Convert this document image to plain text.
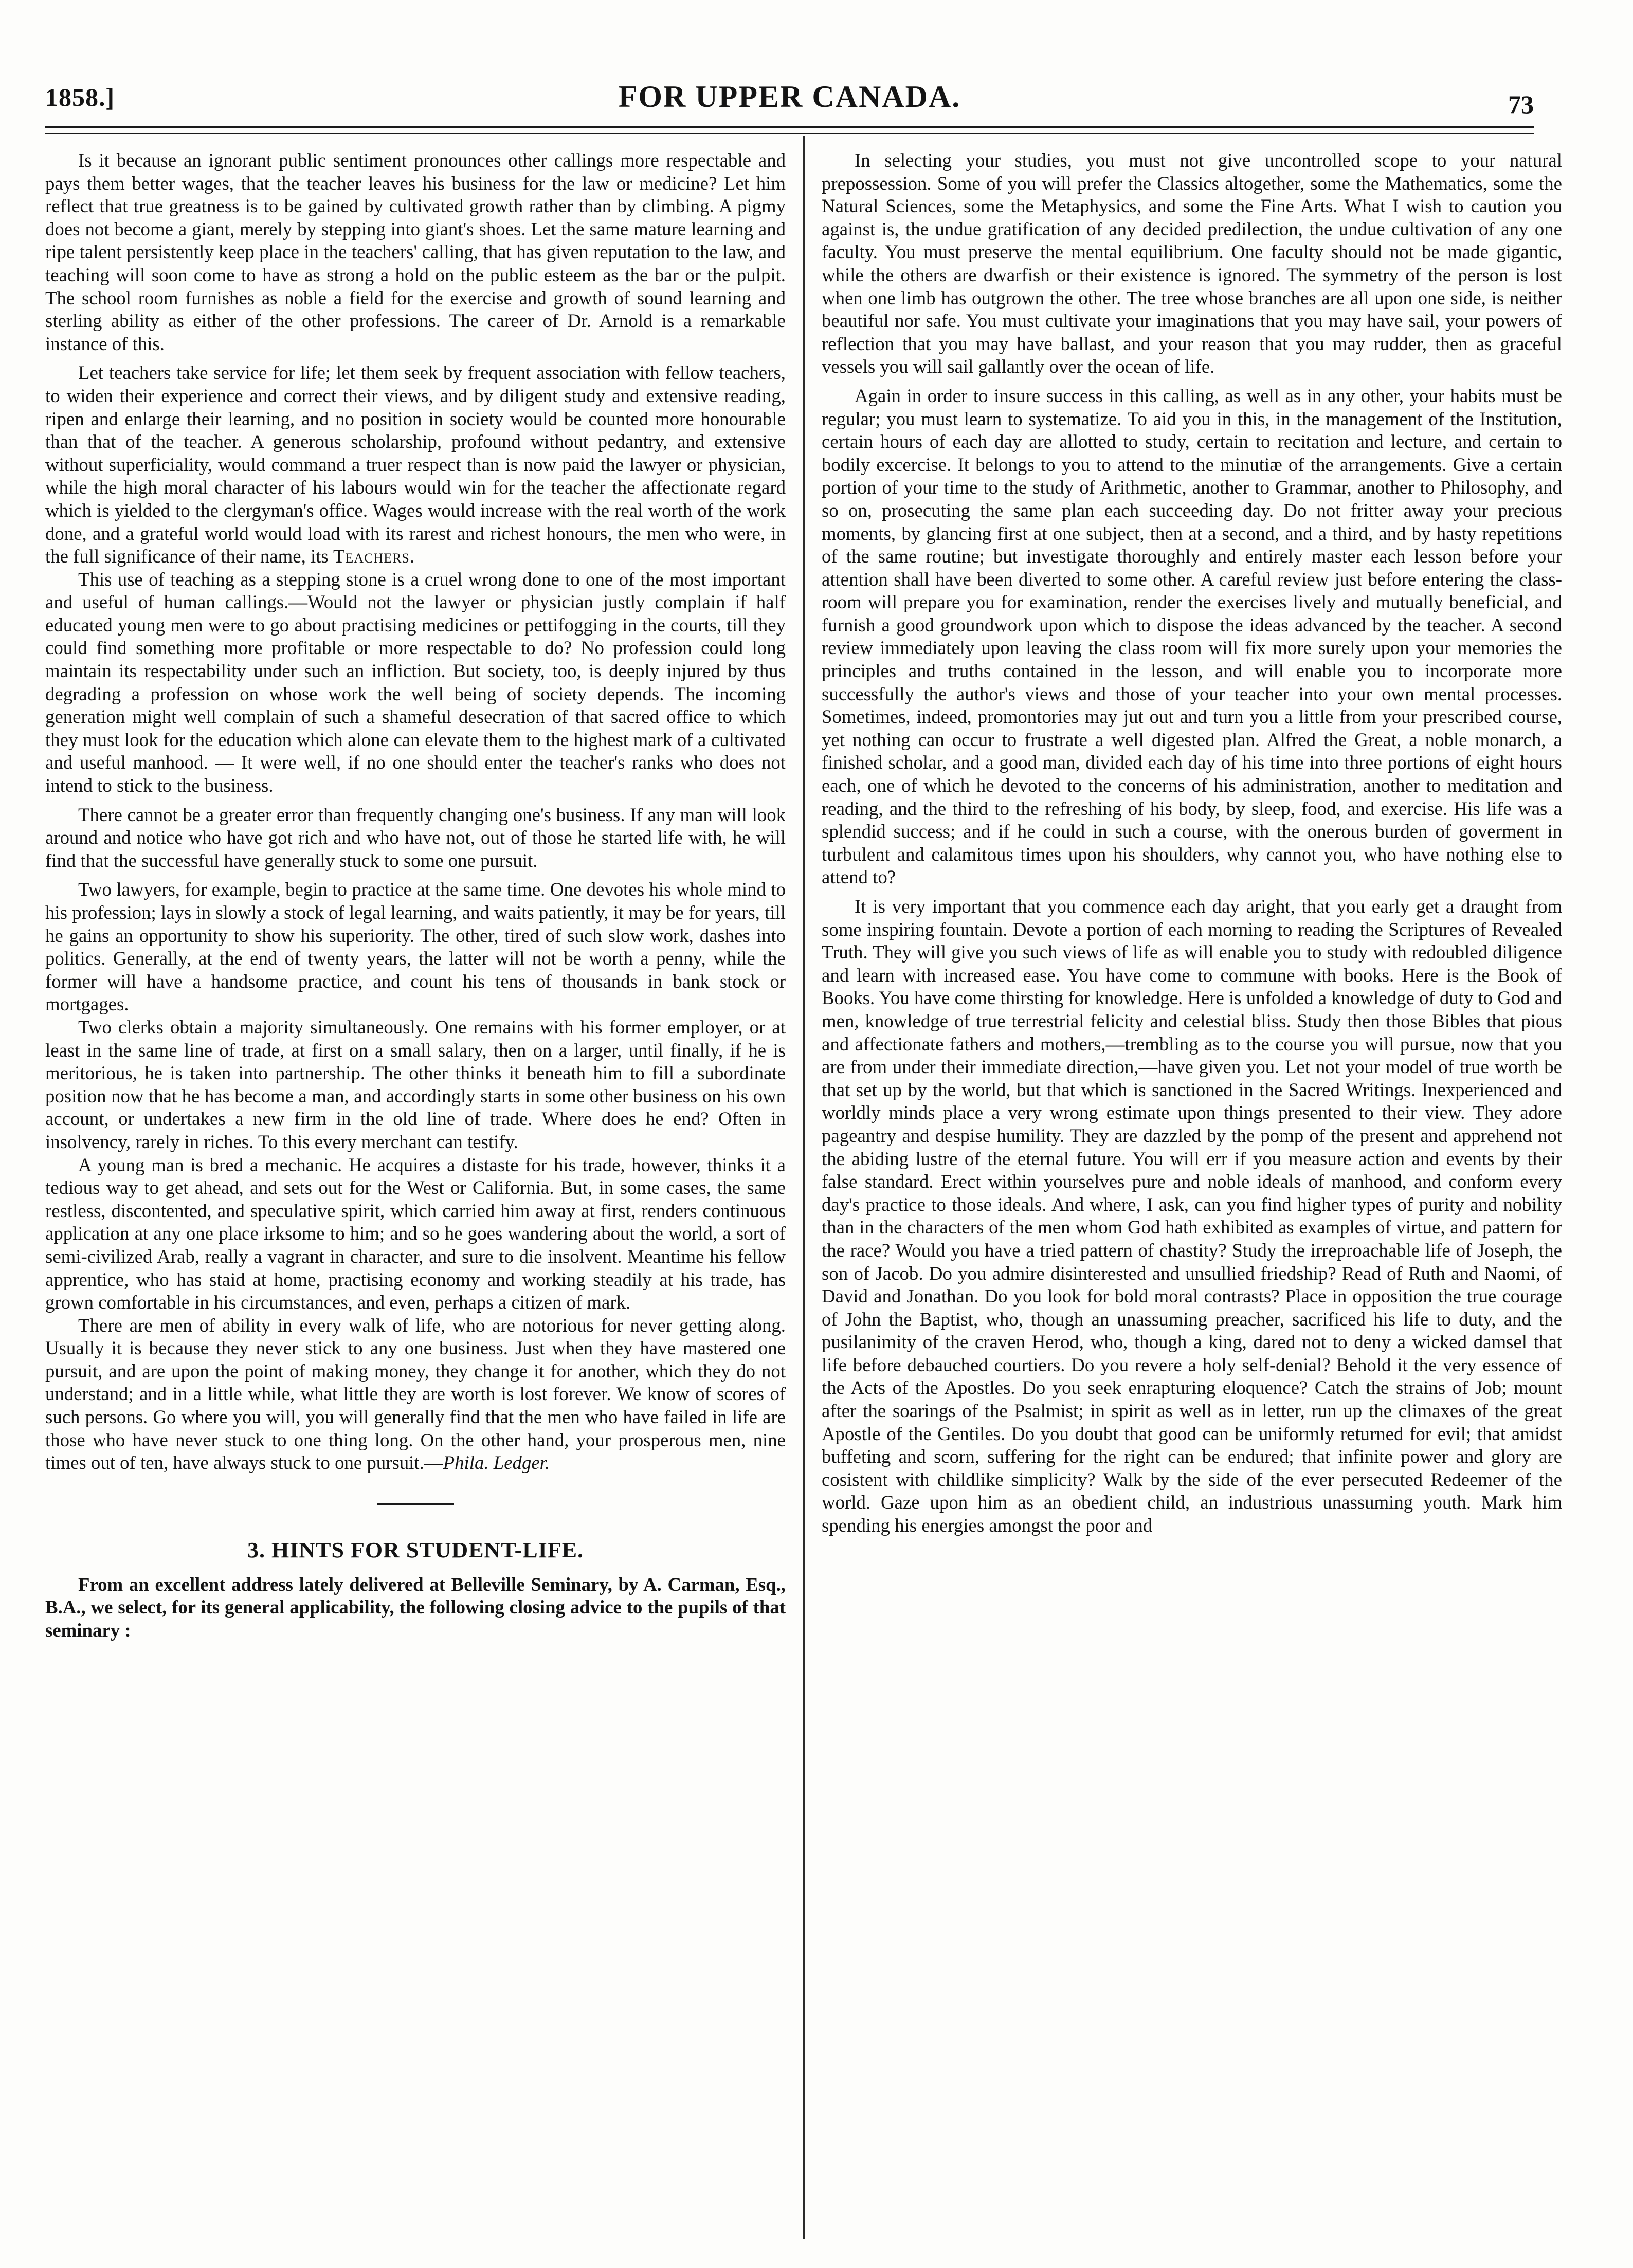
1858.]	FOR UPPER CANADA.	73

Is it because an ignorant public sentiment pronounces other callings more respectable and pays them better wages, that the teacher leaves his business for the law or medicine? Let him reflect that true greatness is to be gained by cultivated growth rather than by climbing. A pigmy does not become a giant, merely by stepping into giant's shoes. Let the same mature learning and ripe talent persistently keep place in the teachers' calling, that has given reputation to the law, and teaching will soon come to have as strong a hold on the public esteem as the bar or the pulpit. The school room furnishes as noble a field for the exercise and growth of sound learning and sterling ability as either of the other professions. The career of Dr. Arnold is a remarkable instance of this.

Let teachers take service for life; let them seek by frequent association with fellow teachers, to widen their experience and correct their views, and by diligent study and extensive reading, ripen and enlarge their learning, and no position in society would be counted more honourable than that of the teacher. A generous scholarship, profound without pedantry, and extensive without superficiality, would command a truer respect than is now paid the lawyer or physician, while the high moral character of his labours would win for the teacher the affectionate regard which is yielded to the clergyman's office. Wages would increase with the real worth of the work done, and a grateful world would load with its rarest and richest honours, the men who were, in the full significance of their name, its Teachers.

This use of teaching as a stepping stone is a cruel wrong done to one of the most important and useful of human callings.—Would not the lawyer or physician justly complain if half educated young men were to go about practising medicines or pettifogging in the courts, till they could find something more profitable or more respectable to do? No profession could long maintain its respectability under such an infliction. But society, too, is deeply injured by thus degrading a profession on whose work the well being of society depends. The incoming generation might well complain of such a shameful desecration of that sacred office to which they must look for the education which alone can elevate them to the highest mark of a cultivated and useful manhood. — It were well, if no one should enter the teacher's ranks who does not intend to stick to the business.

There cannot be a greater error than frequently changing one's business. If any man will look around and notice who have got rich and who have not, out of those he started life with, he will find that the successful have generally stuck to some one pursuit.

Two lawyers, for example, begin to practice at the same time. One devotes his whole mind to his profession; lays in slowly a stock of legal learning, and waits patiently, it may be for years, till he gains an opportunity to show his superiority. The other, tired of such slow work, dashes into politics. Generally, at the end of twenty years, the latter will not be worth a penny, while the former will have a handsome practice, and count his tens of thousands in bank stock or mortgages.

Two clerks obtain a majority simultaneously. One remains with his former employer, or at least in the same line of trade, at first on a small salary, then on a larger, until finally, if he is meritorious, he is taken into partnership. The other thinks it beneath him to fill a subordinate position now that he has become a man, and accordingly starts in some other business on his own account, or undertakes a new firm in the old line of trade. Where does he end? Often in insolvency, rarely in riches. To this every merchant can testify.

A young man is bred a mechanic. He acquires a distaste for his trade, however, thinks it a tedious way to get ahead, and sets out for the West or California. But, in some cases, the same restless, discontented, and speculative spirit, which carried him away at first, renders continuous application at any one place irksome to him; and so he goes wandering about the world, a sort of semi-civilized Arab, really a vagrant in character, and sure to die insolvent. Meantime his fellow apprentice, who has staid at home, practising economy and working steadily at his trade, has grown comfortable in his circumstances, and even, perhaps a citizen of mark.

There are men of ability in every walk of life, who are notorious for never getting along. Usually it is because they never stick to any one business. Just when they have mastered one pursuit, and are upon the point of making money, they change it for another, which they do not understand; and in a little while, what little they are worth is lost forever. We know of scores of such persons. Go where you will, you will generally find that the men who have failed in life are those who have never stuck to one thing long. On the other hand, your prosperous men, nine times out of ten, have always stuck to one pursuit.—Phila. Ledger.

3. HINTS FOR STUDENT-LIFE.

From an excellent address lately delivered at Belleville Seminary, by A. Carman, Esq., B.A., we select, for its general applicability, the following closing advice to the pupils of that seminary :

In selecting your studies, you must not give uncontrolled scope to your natural prepossession. Some of you will prefer the Classics altogether, some the Mathematics, some the Natural Sciences, some the Metaphysics, and some the Fine Arts. What I wish to caution you against is, the undue gratification of any decided predilection, the undue cultivation of any one faculty. You must preserve the mental equilibrium. One faculty should not be made gigantic, while the others are dwarfish or their existence is ignored. The symmetry of the person is lost when one limb has outgrown the other. The tree whose branches are all upon one side, is neither beautiful nor safe. You must cultivate your imaginations that you may have sail, your powers of reflection that you may have ballast, and your reason that you may rudder, then as graceful vessels you will sail gallantly over the ocean of life.

Again in order to insure success in this calling, as well as in any other, your habits must be regular; you must learn to systematize. To aid you in this, in the management of the Institution, certain hours of each day are allotted to study, certain to recitation and lecture, and certain to bodily excercise. It belongs to you to attend to the minutiæ of the arrangements. Give a certain portion of your time to the study of Arithmetic, another to Grammar, another to Philosophy, and so on, prosecuting the same plan each succeeding day. Do not fritter away your precious moments, by glancing first at one subject, then at a second, and a third, and by hasty repetitions of the same routine; but investigate thoroughly and entirely master each lesson before your attention shall have been diverted to some other. A careful review just before entering the class-room will prepare you for examination, render the exercises lively and mutually beneficial, and furnish a good groundwork upon which to dispose the ideas advanced by the teacher. A second review immediately upon leaving the class room will fix more surely upon your memories the principles and truths contained in the lesson, and will enable you to incorporate more successfully the author's views and those of your teacher into your own mental processes. Sometimes, indeed, promontories may jut out and turn you a little from your prescribed course, yet nothing can occur to frustrate a well digested plan. Alfred the Great, a noble monarch, a finished scholar, and a good man, divided each day of his time into three portions of eight hours each, one of which he devoted to the concerns of his administration, another to meditation and reading, and the third to the refreshing of his body, by sleep, food, and exercise. His life was a splendid success; and if he could in such a course, with the onerous burden of goverment in turbulent and calamitous times upon his shoulders, why cannot you, who have nothing else to attend to?

It is very important that you commence each day aright, that you early get a draught from some inspiring fountain. Devote a portion of each morning to reading the Scriptures of Revealed Truth. They will give you such views of life as will enable you to study with redoubled diligence and learn with increased ease. You have come to commune with books. Here is the Book of Books. You have come thirsting for knowledge. Here is unfolded a knowledge of duty to God and men, knowledge of true terrestrial felicity and celestial bliss. Study then those Bibles that pious and affectionate fathers and mothers,—trembling as to the course you will pursue, now that you are from under their immediate direction,—have given you. Let not your model of true worth be that set up by the world, but that which is sanctioned in the Sacred Writings. Inexperienced and worldly minds place a very wrong estimate upon things presented to their view. They adore pageantry and despise humility. They are dazzled by the pomp of the present and apprehend not the abiding lustre of the eternal future. You will err if you measure action and events by their false standard. Erect within yourselves pure and noble ideals of manhood, and conform every day's practice to those ideals. And where, I ask, can you find higher types of purity and nobility than in the characters of the men whom God hath exhibited as examples of virtue, and pattern for the race? Would you have a tried pattern of chastity? Study the irreproachable life of Joseph, the son of Jacob. Do you admire disinterested and unsullied friedship? Read of Ruth and Naomi, of David and Jonathan. Do you look for bold moral contrasts? Place in opposition the true courage of John the Baptist, who, though an unassuming preacher, sacrificed his life to duty, and the pusilanimity of the craven Herod, who, though a king, dared not to deny a wicked damsel that life before debauched courtiers. Do you revere a holy self-denial? Behold it the very essence of the Acts of the Apostles. Do you seek enrapturing eloquence? Catch the strains of Job; mount after the soarings of the Psalmist; in spirit as well as in letter, run up the climaxes of the great Apostle of the Gentiles. Do you doubt that good can be uniformly returned for evil; that amidst buffeting and scorn, suffering for the right can be endured; that infinite power and glory are cosistent with childlike simplicity? Walk by the side of the ever persecuted Redeemer of the world. Gaze upon him as an obedient child, an industrious unassuming youth. Mark him spending his energies amongst the poor and
